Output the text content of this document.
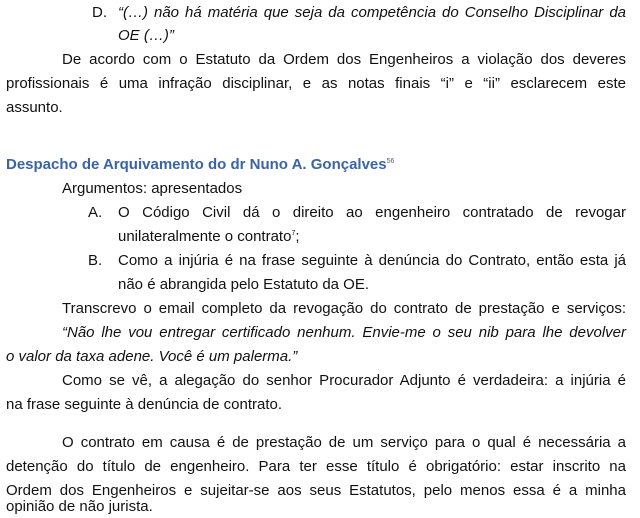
D. “(…) não há matéria que seja da competência do Conselho Disciplinar da
OE (…)”
De acordo com o Estatuto da Ordem dos Engenheiros a violação dos deveres
profissionais é uma infração disciplinar, e as notas finais “i” e “ii” esclarecem este
assunto.
Despacho de Arquivamento do dr Nuno A. Gonçalves$^{56}$
Argumentos: apresentados
A. O Código Civil dá o direito ao engenheiro contratado de revogar
unilateralmente o contrato$^7$;
B. Como a injúria é na frase seguinte à denúncia do Contrato, então esta já
não é abrangida pelo Estatuto da OE.
Transcrevo o email completo da revogação do contrato de prestação e serviços:
“Não lhe vou entregar certificado nenhum. Envie-me o seu nib para lhe devolver
o valor da taxa adene. Você é um palerma.”
Como se vê, a alegação do senhor Procurador Adjunto é verdadeira: a injúria é
na frase seguinte à denúncia de contrato.
O contrato em causa é de prestação de um serviço para o qual é necessária a
detenção do título de engenheiro. Para ter esse título é obrigatório: estar inscrito na
Ordem dos Engenheiros e sujeitar-se aos seus Estatutos, pelo menos essa é a minha
opinião de não jurista.
